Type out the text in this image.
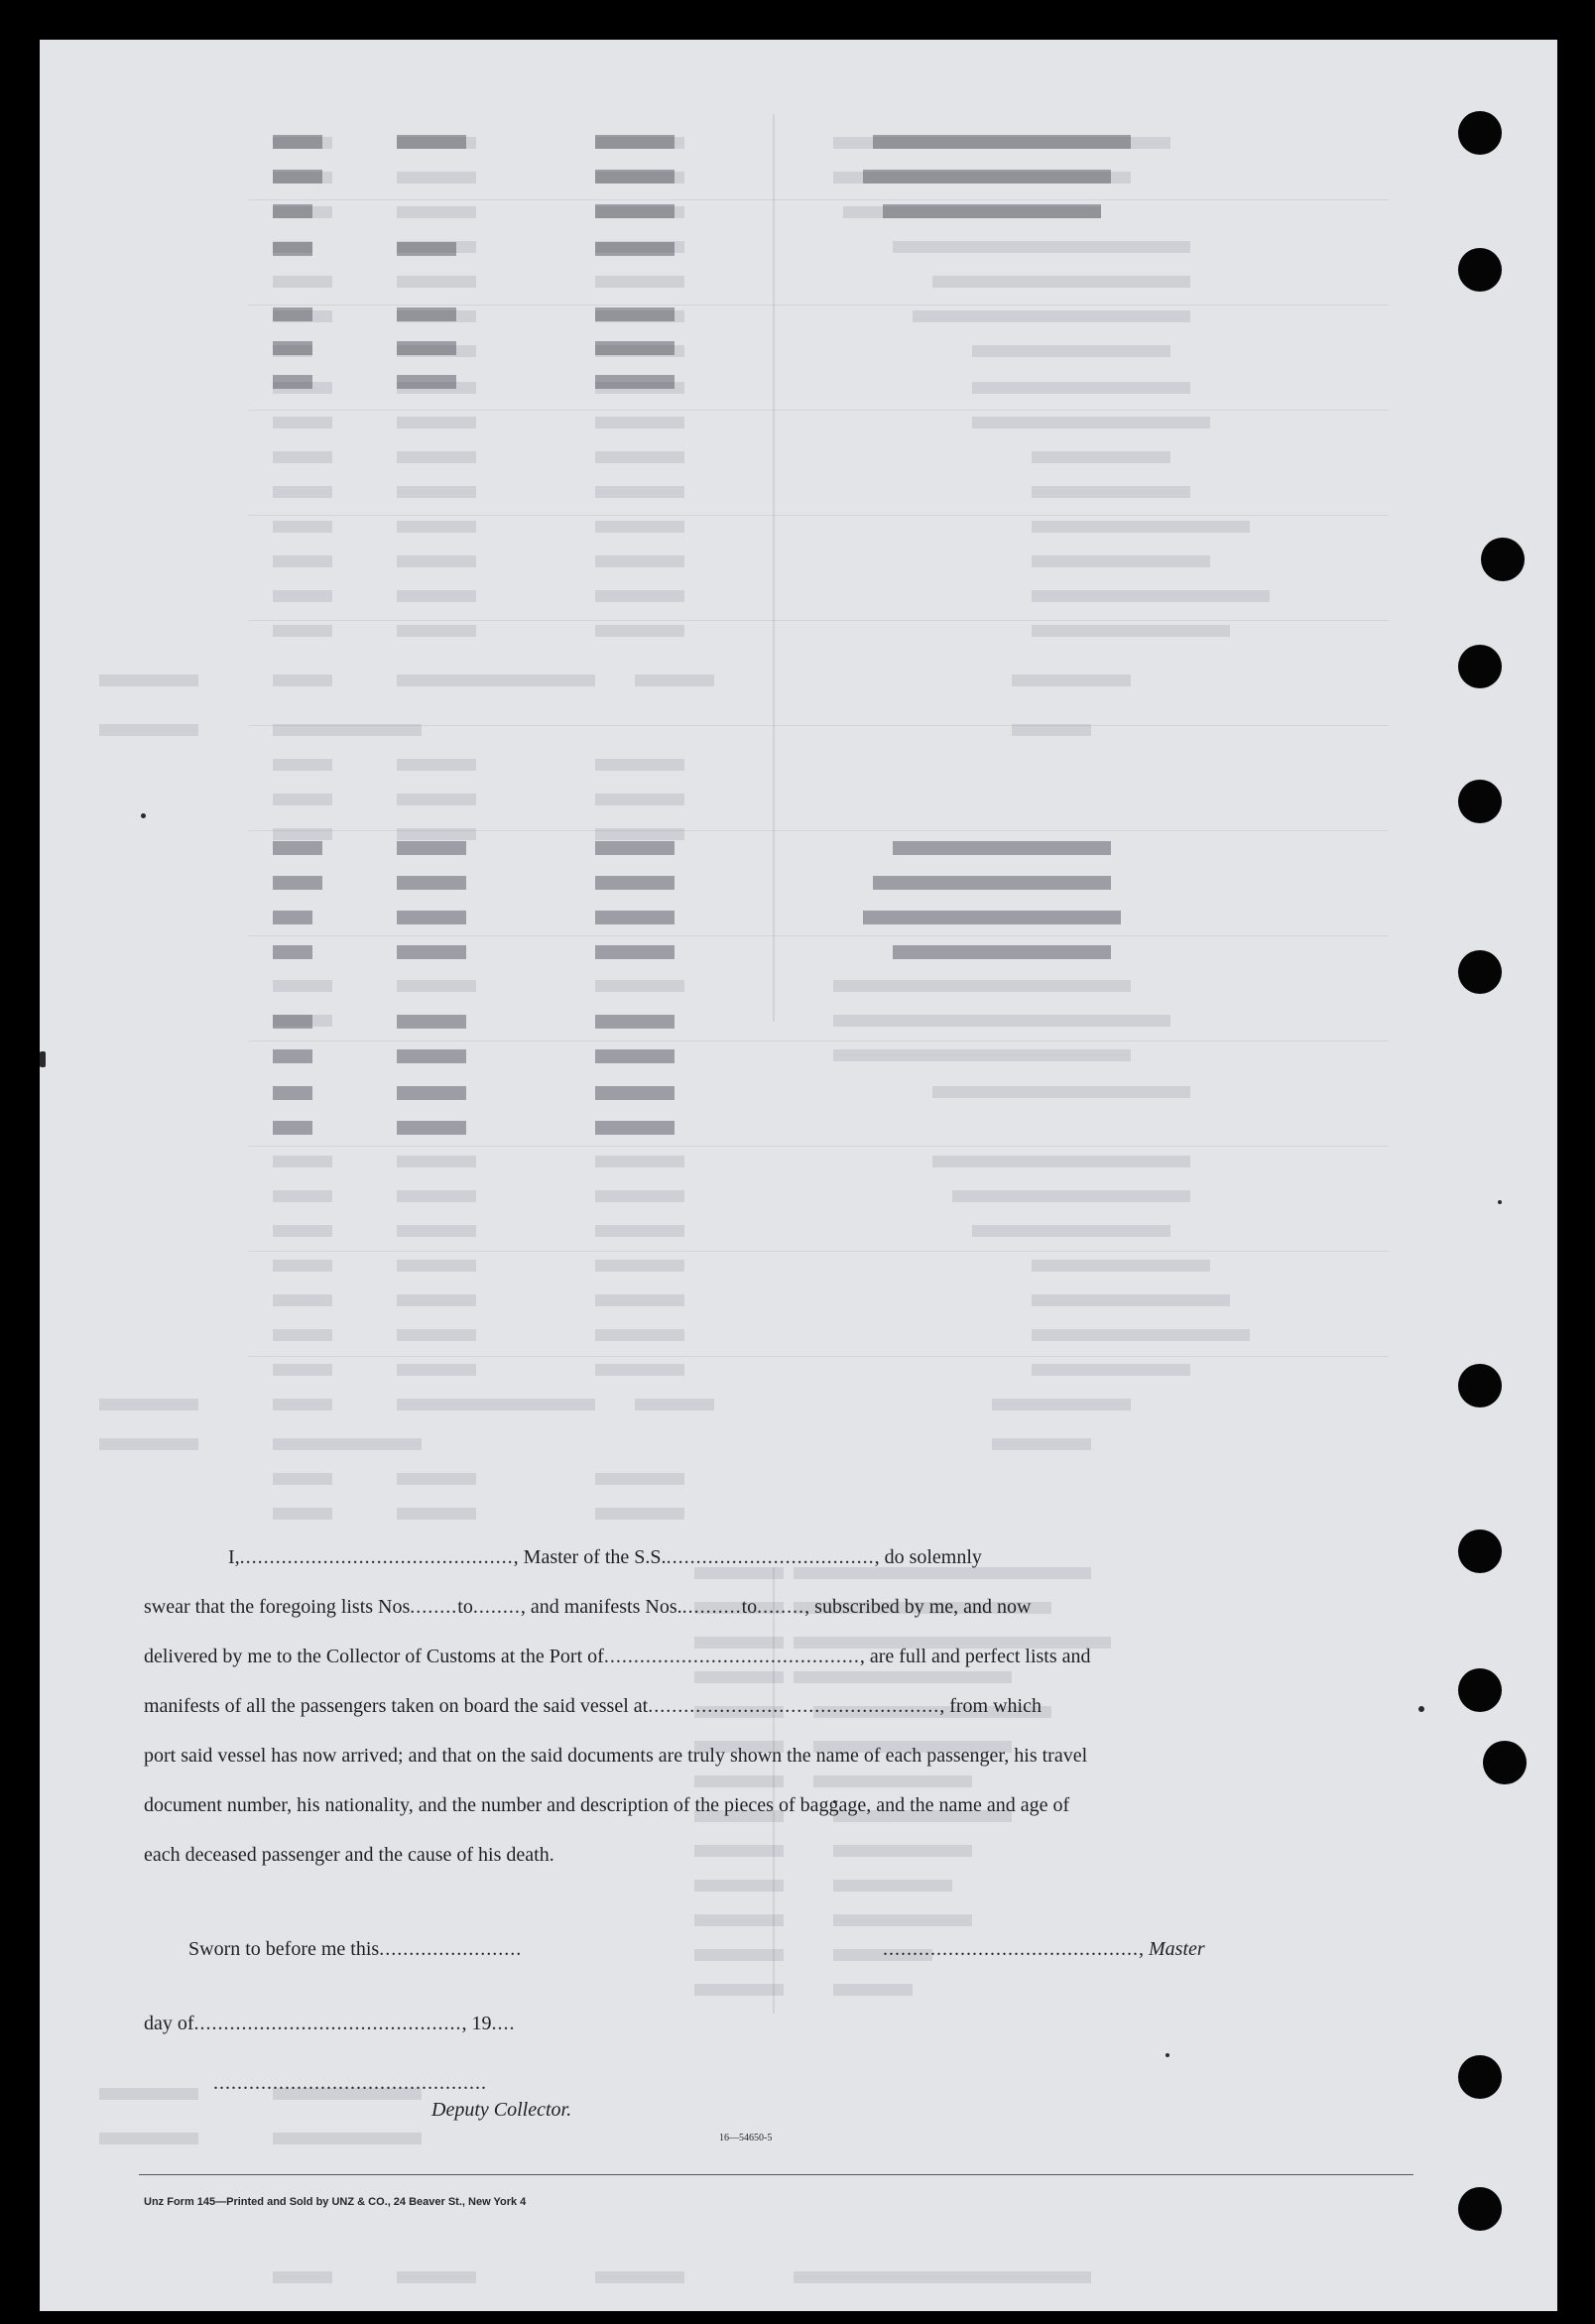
I,.............................................., Master of the S.S...................................., do solemnly
swear that the foregoing lists Nos........to........, and manifests Nos...........to........, subscribed by me, and now
delivered by me to the Collector of Customs at the Port of..........................................., are full and perfect lists and
manifests of all the passengers taken on board the said vessel at................................................., from which
port said vessel has now arrived; and that on the said documents are truly shown the name of each passenger, his travel
document number, his nationality, and the number and description of the pieces of baggage, and the name and age of
each deceased passenger and the cause of his death.
Sworn to before me this........................	..........................................., Master
day of............................................., 19....
..............................................
Deputy Collector.
16—54650-5
Unz Form 145—Printed and Sold by UNZ & CO., 24 Beaver St., New York 4
